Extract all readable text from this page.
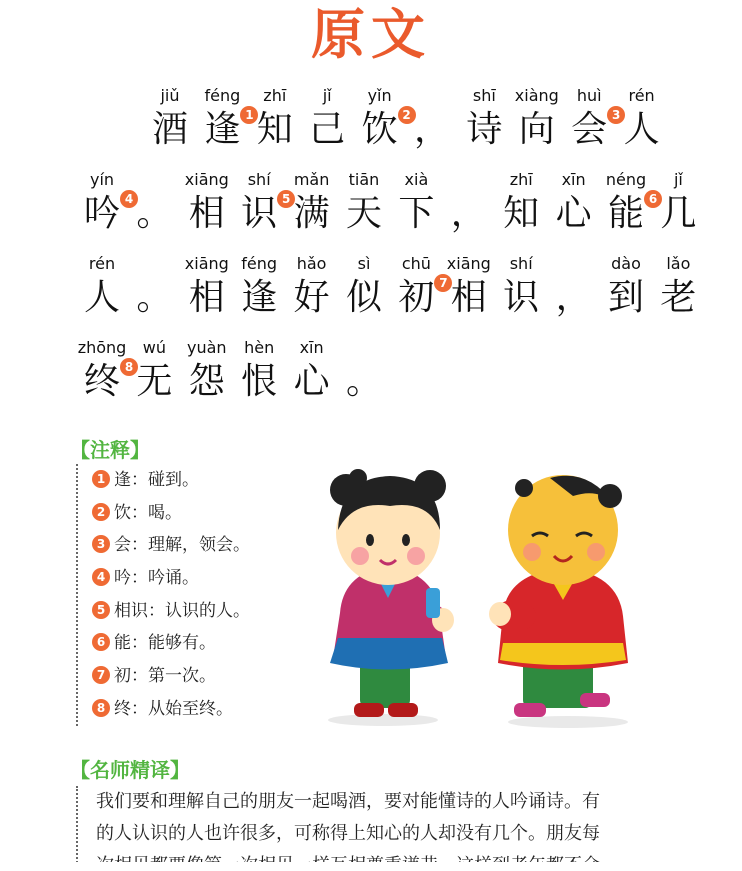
原文
jiǔ
酒
féng
逢 1
zhī
知
jǐ
己
yǐn
饮 2 ，
shī
诗
xiàng
向
huì
会 3
rén
人
yín
吟 4 。
xiāng
相
shí
识 5
mǎn
满
tiān
天
xià
下 ，
zhī
知
xīn
心
néng
能 6
jǐ
几
rén
人 。
xiāng
相
féng
逢
hǎo
好
sì
似
chū
初 7
xiāng
相
shí
识 ，
dào
到
lǎo
老
zhōng
终 8
wú
无
yuàn
怨
hèn
恨
xīn
心 。
【注释】
1 逢：碰到。
2 饮：喝。
3 会：理解，领会。
4 吟：吟诵。
5 相识：认识的人。
6 能：能够有。
7 初：第一次。
8 终：从始至终。
【名师精译】

我们要和理解自己的朋友一起喝酒，要对能懂诗的人吟诵诗。有

的人认识的人也许很多，可称得上知心的人却没有几个。朋友每
